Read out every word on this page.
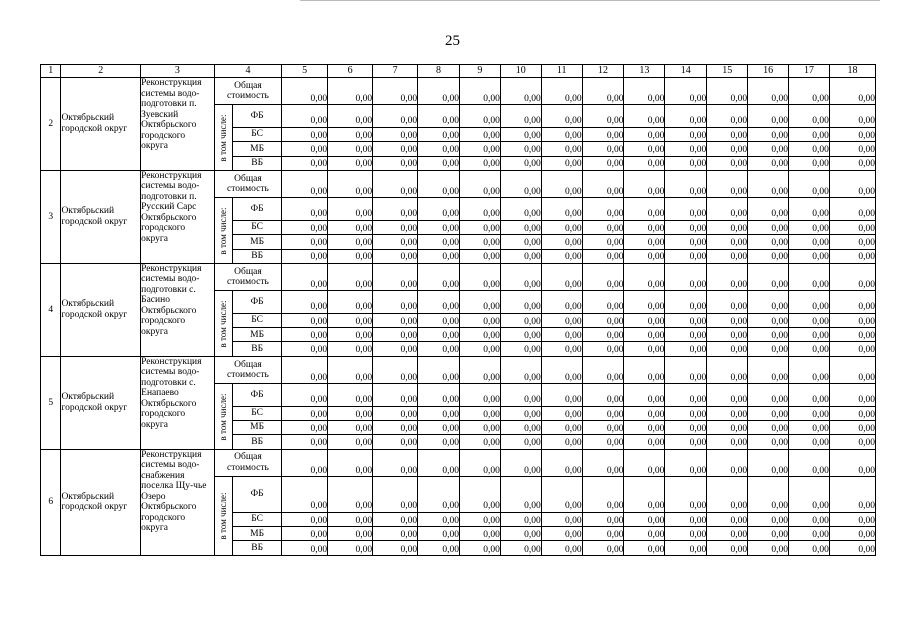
25
1	2	3	4		5	6	7	8	9	10	11	12	13	14	15	16	17	18
2	Октябрьский городской округ	Реконструкция системы водо-подготовки п. Зуевский Октябрьского городского округа	Общая стоимость		0,00	0,00	0,00	0,00	0,00	0,00	0,00	0,00	0,00	0,00	0,00	0,00	0,00	0,00

			в том числе:	ФБ	0,00	0,00	0,00	0,00	0,00	0,00	0,00	0,00	0,00	0,00	0,00	0,00	0,00	0,00
				БС	0,00	0,00	0,00	0,00	0,00	0,00	0,00	0,00	0,00	0,00	0,00	0,00	0,00	0,00
				МБ	0,00	0,00	0,00	0,00	0,00	0,00	0,00	0,00	0,00	0,00	0,00	0,00	0,00	0,00
				ВБ	0,00	0,00	0,00	0,00	0,00	0,00	0,00	0,00	0,00	0,00	0,00	0,00	0,00	0,00
3	Октябрьский городской округ	Реконструкция системы водо-подготовки п. Русский Сарс Октябрьского городского округа	Общая стоимость		0,00	0,00	0,00	0,00	0,00	0,00	0,00	0,00	0,00	0,00	0,00	0,00	0,00	0,00

			в том числе:	ФБ	0,00	0,00	0,00	0,00	0,00	0,00	0,00	0,00	0,00	0,00	0,00	0,00	0,00	0,00
				БС	0,00	0,00	0,00	0,00	0,00	0,00	0,00	0,00	0,00	0,00	0,00	0,00	0,00	0,00
				МБ	0,00	0,00	0,00	0,00	0,00	0,00	0,00	0,00	0,00	0,00	0,00	0,00	0,00	0,00
				ВБ	0,00	0,00	0,00	0,00	0,00	0,00	0,00	0,00	0,00	0,00	0,00	0,00	0,00	0,00
4	Октябрьский городской округ	Реконструкция системы водо-подготовки с. Басино Октябрьского городского округа	Общая стоимость		0,00	0,00	0,00	0,00	0,00	0,00	0,00	0,00	0,00	0,00	0,00	0,00	0,00	0,00

			в том числе:	ФБ	0,00	0,00	0,00	0,00	0,00	0,00	0,00	0,00	0,00	0,00	0,00	0,00	0,00	0,00
				БС	0,00	0,00	0,00	0,00	0,00	0,00	0,00	0,00	0,00	0,00	0,00	0,00	0,00	0,00
				МБ	0,00	0,00	0,00	0,00	0,00	0,00	0,00	0,00	0,00	0,00	0,00	0,00	0,00	0,00
				ВБ	0,00	0,00	0,00	0,00	0,00	0,00	0,00	0,00	0,00	0,00	0,00	0,00	0,00	0,00
5	Октябрьский городской округ	Реконструкция системы водо-подготовки с. Енапаево Октябрьского городского округа	Общая стоимость		0,00	0,00	0,00	0,00	0,00	0,00	0,00	0,00	0,00	0,00	0,00	0,00	0,00	0,00

			в том числе:	ФБ	0,00	0,00	0,00	0,00	0,00	0,00	0,00	0,00	0,00	0,00	0,00	0,00	0,00	0,00
				БС	0,00	0,00	0,00	0,00	0,00	0,00	0,00	0,00	0,00	0,00	0,00	0,00	0,00	0,00
				МБ	0,00	0,00	0,00	0,00	0,00	0,00	0,00	0,00	0,00	0,00	0,00	0,00	0,00	0,00
				ВБ	0,00	0,00	0,00	0,00	0,00	0,00	0,00	0,00	0,00	0,00	0,00	0,00	0,00	0,00
6	Октябрьский городской округ	Реконструкция системы водо-снабжения поселка Щу-чье Озеро Октябрьского городского округа	Общая стоимость		0,00	0,00	0,00	0,00	0,00	0,00	0,00	0,00	0,00	0,00	0,00	0,00	0,00	0,00

			в том числе:	ФБ	0,00	0,00	0,00	0,00	0,00	0,00	0,00	0,00	0,00	0,00	0,00	0,00	0,00	0,00
				БС	0,00	0,00	0,00	0,00	0,00	0,00	0,00	0,00	0,00	0,00	0,00	0,00	0,00	0,00
				МБ	0,00	0,00	0,00	0,00	0,00	0,00	0,00	0,00	0,00	0,00	0,00	0,00	0,00	0,00
				ВБ	0,00	0,00	0,00	0,00	0,00	0,00	0,00	0,00	0,00	0,00	0,00	0,00	0,00	0,00
